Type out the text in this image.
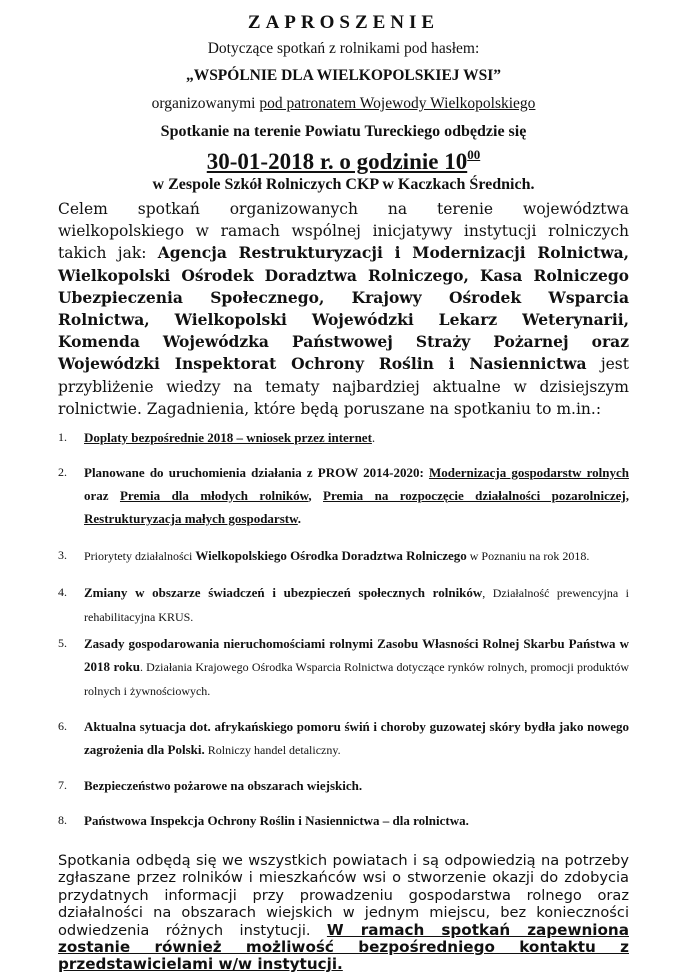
ZAPROSZENIE

Dotyczące spotkań z rolnikami pod hasłem:

„WSPÓLNIE DLA WIELKOPOLSKIEJ WSI”

organizowanymi pod patronatem Wojewody Wielkopolskiego

Spotkanie na terenie Powiatu Tureckiego odbędzie się

30-01-2018 r. o godzinie $10^{00}$

w Zespole Szkół Rolniczych CKP w Kaczkach Średnich.

Celem spotkań organizowanych na terenie województwa wielkopolskiego w ramach wspólnej inicjatywy instytucji rolniczych takich jak: Agencja Restrukturyzacji i Modernizacji Rolnictwa, Wielkopolski Ośrodek Doradztwa Rolniczego, Kasa Rolniczego Ubezpieczenia Społecznego, Krajowy Ośrodek Wsparcia Rolnictwa, Wielkopolski Wojewódzki Lekarz Weterynarii, Komenda Wojewódzka Państwowej Straży Pożarnej oraz Wojewódzki Inspektorat Ochrony Roślin i Nasiennictwa jest przybliżenie wiedzy na tematy najbardziej aktualne w dzisiejszym rolnictwie. Zagadnienia, które będą poruszane na spotkaniu to m.in.:

1. Doplaty bezpośrednie 2018 – wniosek przez internet.
2. Planowane do uruchomienia działania z PROW 2014-2020: Modernizacja gospodarstw rolnych oraz Premia dla młodych rolników, Premia na rozpoczęcie działalności pozarolniczej, Restrukturyzacja małych gospodarstw.
3. Priorytety działalności Wielkopolskiego Ośrodka Doradztwa Rolniczego w Poznaniu na rok 2018.
4. Zmiany w obszarze świadczeń i ubezpieczeń społecznych rolników, Działalność prewencyjna i rehabilitacyjna KRUS.
5. Zasady gospodarowania nieruchomościami rolnymi Zasobu Własności Rolnej Skarbu Państwa w 2018 roku. Działania Krajowego Ośrodka Wsparcia Rolnictwa dotyczące rynków rolnych, promocji produktów rolnych i żywnościowych.
6. Aktualna sytuacja dot. afrykańskiego pomoru świń i choroby guzowatej skóry bydła jako nowego zagrożenia dla Polski. Rolniczy handel detaliczny.
7. Bezpieczeństwo pożarowe na obszarach wiejskich.
8. Państwowa Inspekcja Ochrony Roślin i Nasiennictwa – dla rolnictwa.

Spotkania odbędą się we wszystkich powiatach i są odpowiedzią na potrzeby zgłaszane przez rolników i mieszkańców wsi o stworzenie okazji do zdobycia przydatnych informacji przy prowadzeniu gospodarstwa rolnego oraz działalności na obszarach wiejskich w jednym miejscu, bez konieczności odwiedzenia różnych instytucji. W ramach spotkań zapewniona zostanie również możliwość bezpośredniego kontaktu z przedstawicielami w/w instytucji.
